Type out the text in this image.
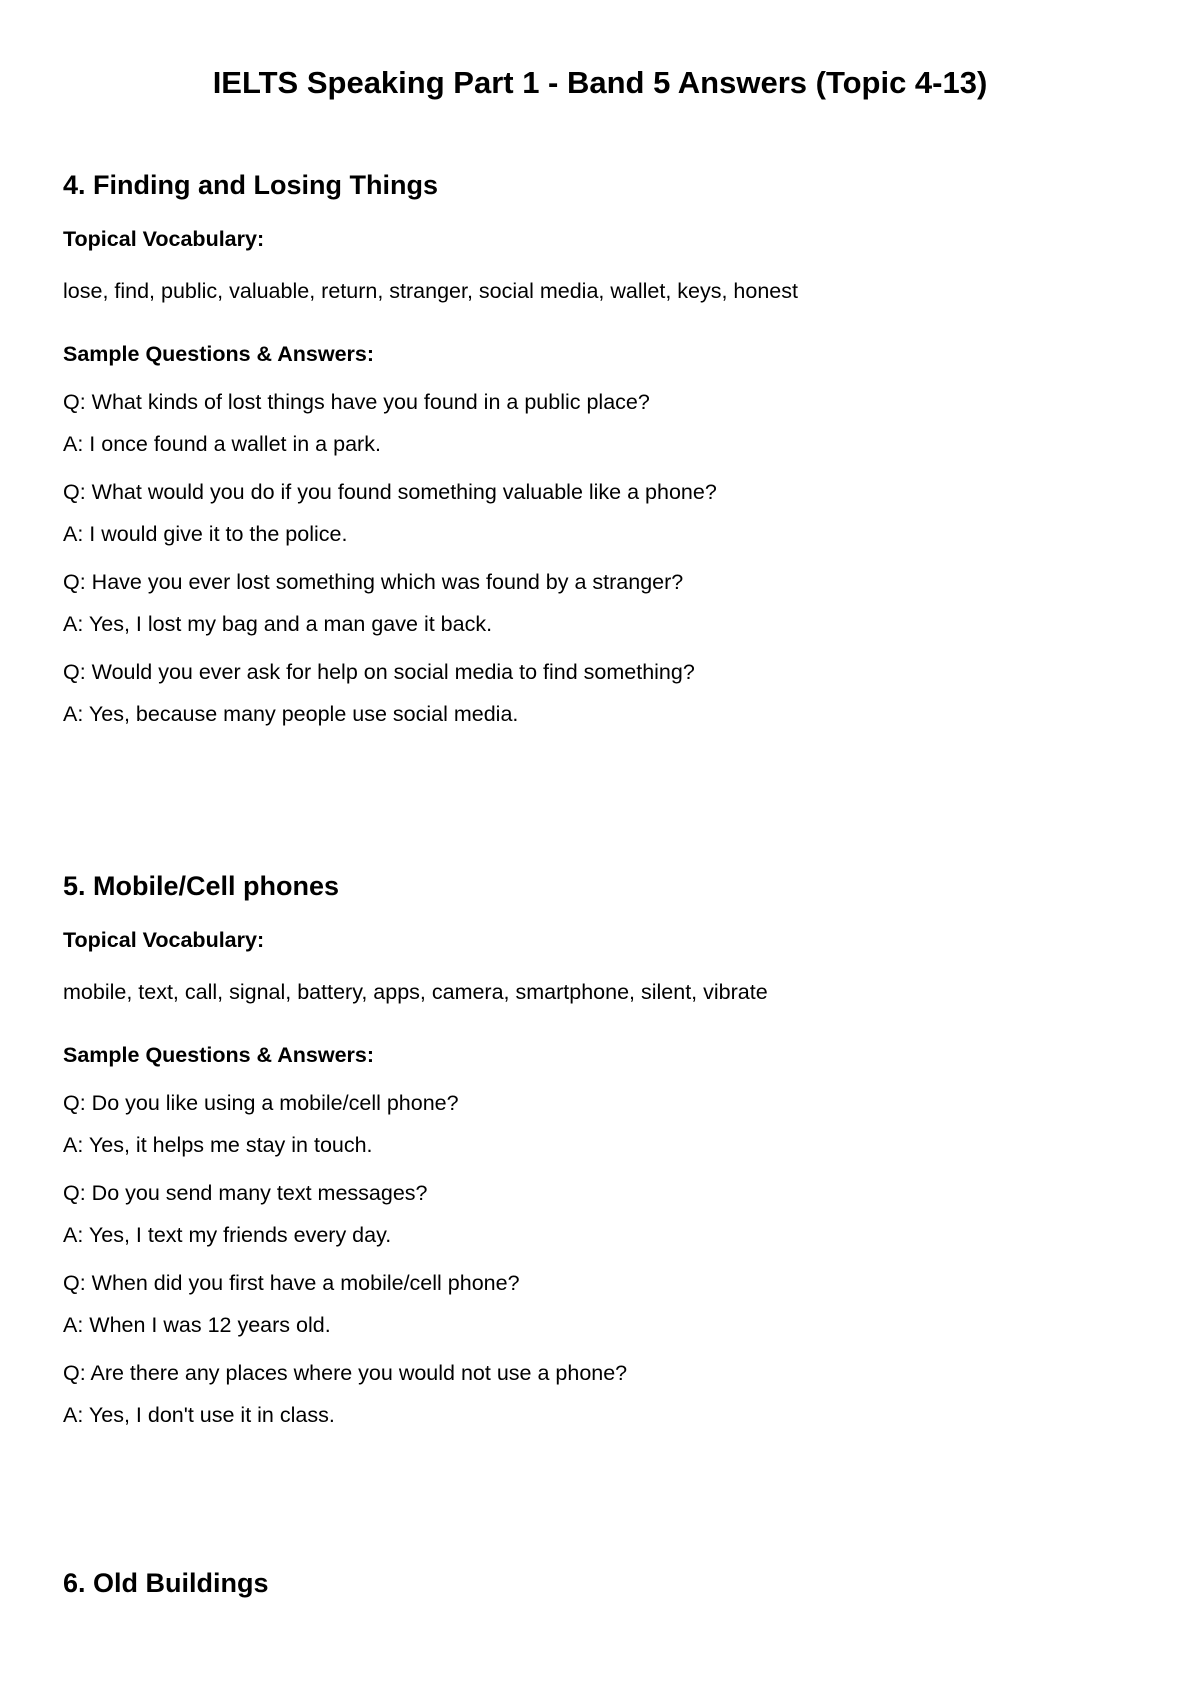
IELTS Speaking Part 1 - Band 5 Answers (Topic 4-13)
4. Finding and Losing Things

Topical Vocabulary:

lose, find, public, valuable, return, stranger, social media, wallet, keys, honest

Sample Questions & Answers:

Q: What kinds of lost things have you found in a public place?

A: I once found a wallet in a park.

Q: What would you do if you found something valuable like a phone?

A: I would give it to the police.

Q: Have you ever lost something which was found by a stranger?

A: Yes, I lost my bag and a man gave it back.

Q: Would you ever ask for help on social media to find something?

A: Yes, because many people use social media.

5. Mobile/Cell phones

Topical Vocabulary:

mobile, text, call, signal, battery, apps, camera, smartphone, silent, vibrate

Sample Questions & Answers:

Q: Do you like using a mobile/cell phone?

A: Yes, it helps me stay in touch.

Q: Do you send many text messages?

A: Yes, I text my friends every day.

Q: When did you first have a mobile/cell phone?

A: When I was 12 years old.

Q: Are there any places where you would not use a phone?

A: Yes, I don't use it in class.

6. Old Buildings
